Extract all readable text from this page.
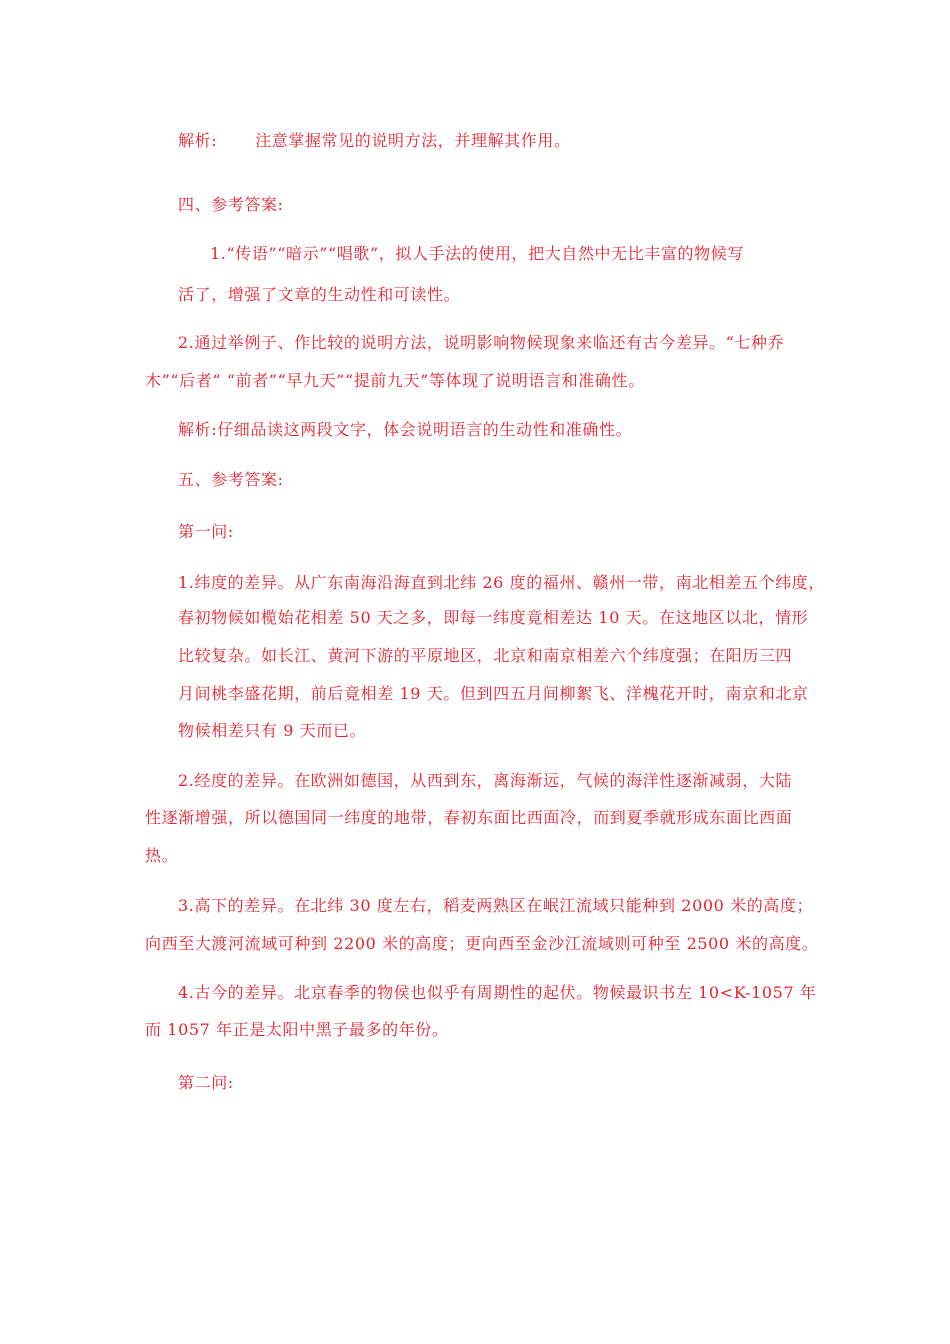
解析: 注意掌握常见的说明方法，并理解其作用。
四、参考答案:
1.“传语”“暗示”“唱歌”，拟人手法的使用，把大自然中无比丰富的物候写
活了，增强了文章的生动性和可读性。
2.通过举例子、作比较的说明方法，说明影响物候现象来临还有古今差异。“七种乔
木”“后者“ “前者”“早九天”“提前九天”等体现了说明语言和准确性。
解析:仔细品读这两段文字，体会说明语言的生动性和准确性。
五、参考答案:
第一问:
1.纬度的差异。从广东南海沿海直到北纬 26 度的福州、赣州一带，南北相差五个纬度，
春初物候如榄始花相差 50 天之多，即每一纬度竟相差达 10 天。在这地区以北，情形
比较复杂。如长江、黄河下游的平原地区，北京和南京相差六个纬度强；在阳历三四
月间桃李盛花期，前后竟相差 19 天。但到四五月间柳絮飞、洋槐花开时，南京和北京
物候相差只有 9 天而已。
2.经度的差异。在欧洲如德国，从西到东，离海渐远，气候的海洋性逐渐减弱，大陆
性逐渐增强，所以德国同一纬度的地带，春初东面比西面冷，而到夏季就形成东面比西面
热。
3.高下的差异。在北纬 30 度左右，稻麦两熟区在岷江流域只能种到 2000 米的高度；
向西至大渡河流域可种到 2200 米的高度；更向西至金沙江流域则可种至 2500 米的高度。
4.古今的差异。北京春季的物侯也似乎有周期性的起伏。物候最识书左 10<K-1057 年
而 1057 年正是太阳中黑子最多的年份。
第二问:
